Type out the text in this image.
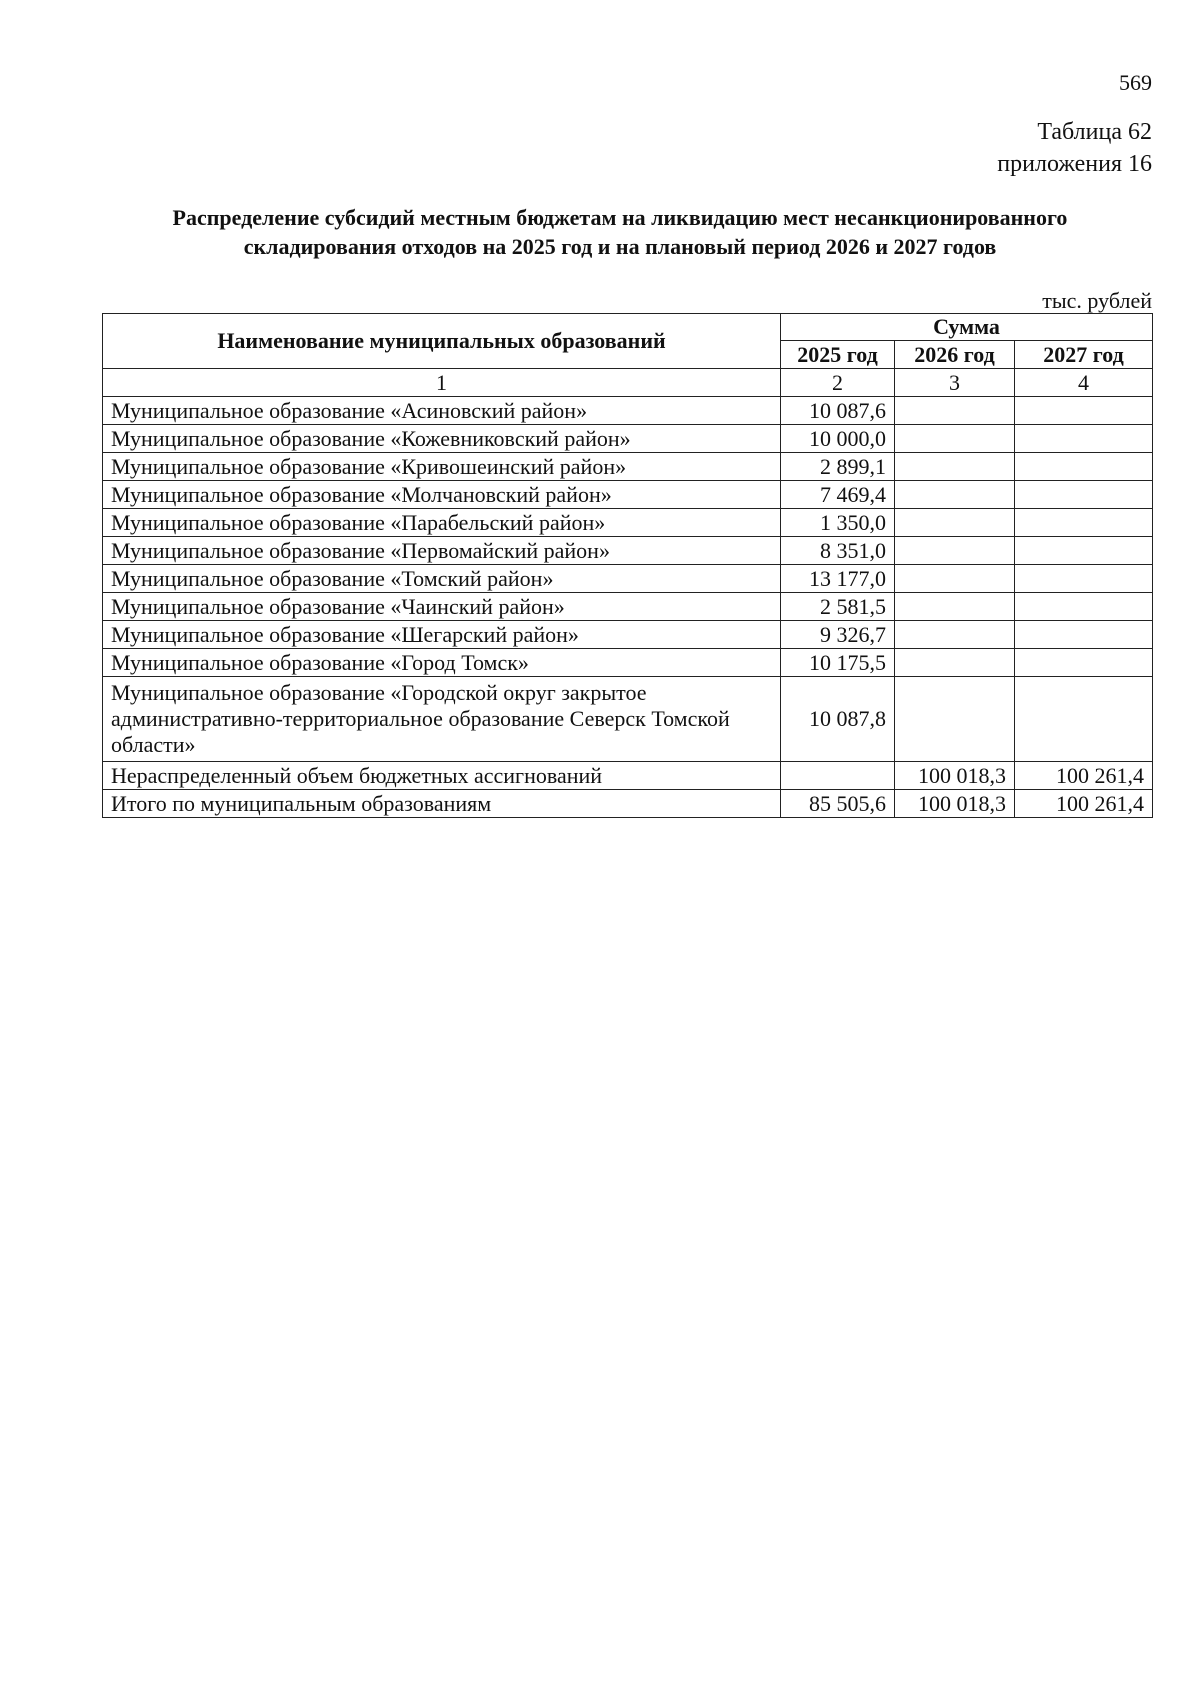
569
Таблица 62
приложения 16
Распределение субсидий местным бюджетам на ликвидацию мест несанкционированного
складирования отходов на 2025 год и на плановый период 2026 и 2027 годов
тыс. рублей
Наименование муниципальных образований	Сумма		
	2025 год	2026 год	2027 год
1	2	3	4
Муниципальное образование «Асиновский район»	10 087,6		
Муниципальное образование «Кожевниковский район»	10 000,0		
Муниципальное образование «Кривошеинский район»	2 899,1		
Муниципальное образование «Молчановский район»	7 469,4		
Муниципальное образование «Парабельский район»	1 350,0		
Муниципальное образование «Первомайский район»	8 351,0		
Муниципальное образование «Томский район»	13 177,0		
Муниципальное образование «Чаинский район»	2 581,5		
Муниципальное образование «Шегарский район»	9 326,7		
Муниципальное образование «Город Томск»	10 175,5		
Муниципальное образование «Городской округ закрытое административно-территориальное образование Северск Томской области»	10 087,8		
Нераспределенный объем бюджетных ассигнований		100 018,3	100 261,4
Итого по муниципальным образованиям	85 505,6	100 018,3	100 261,4
